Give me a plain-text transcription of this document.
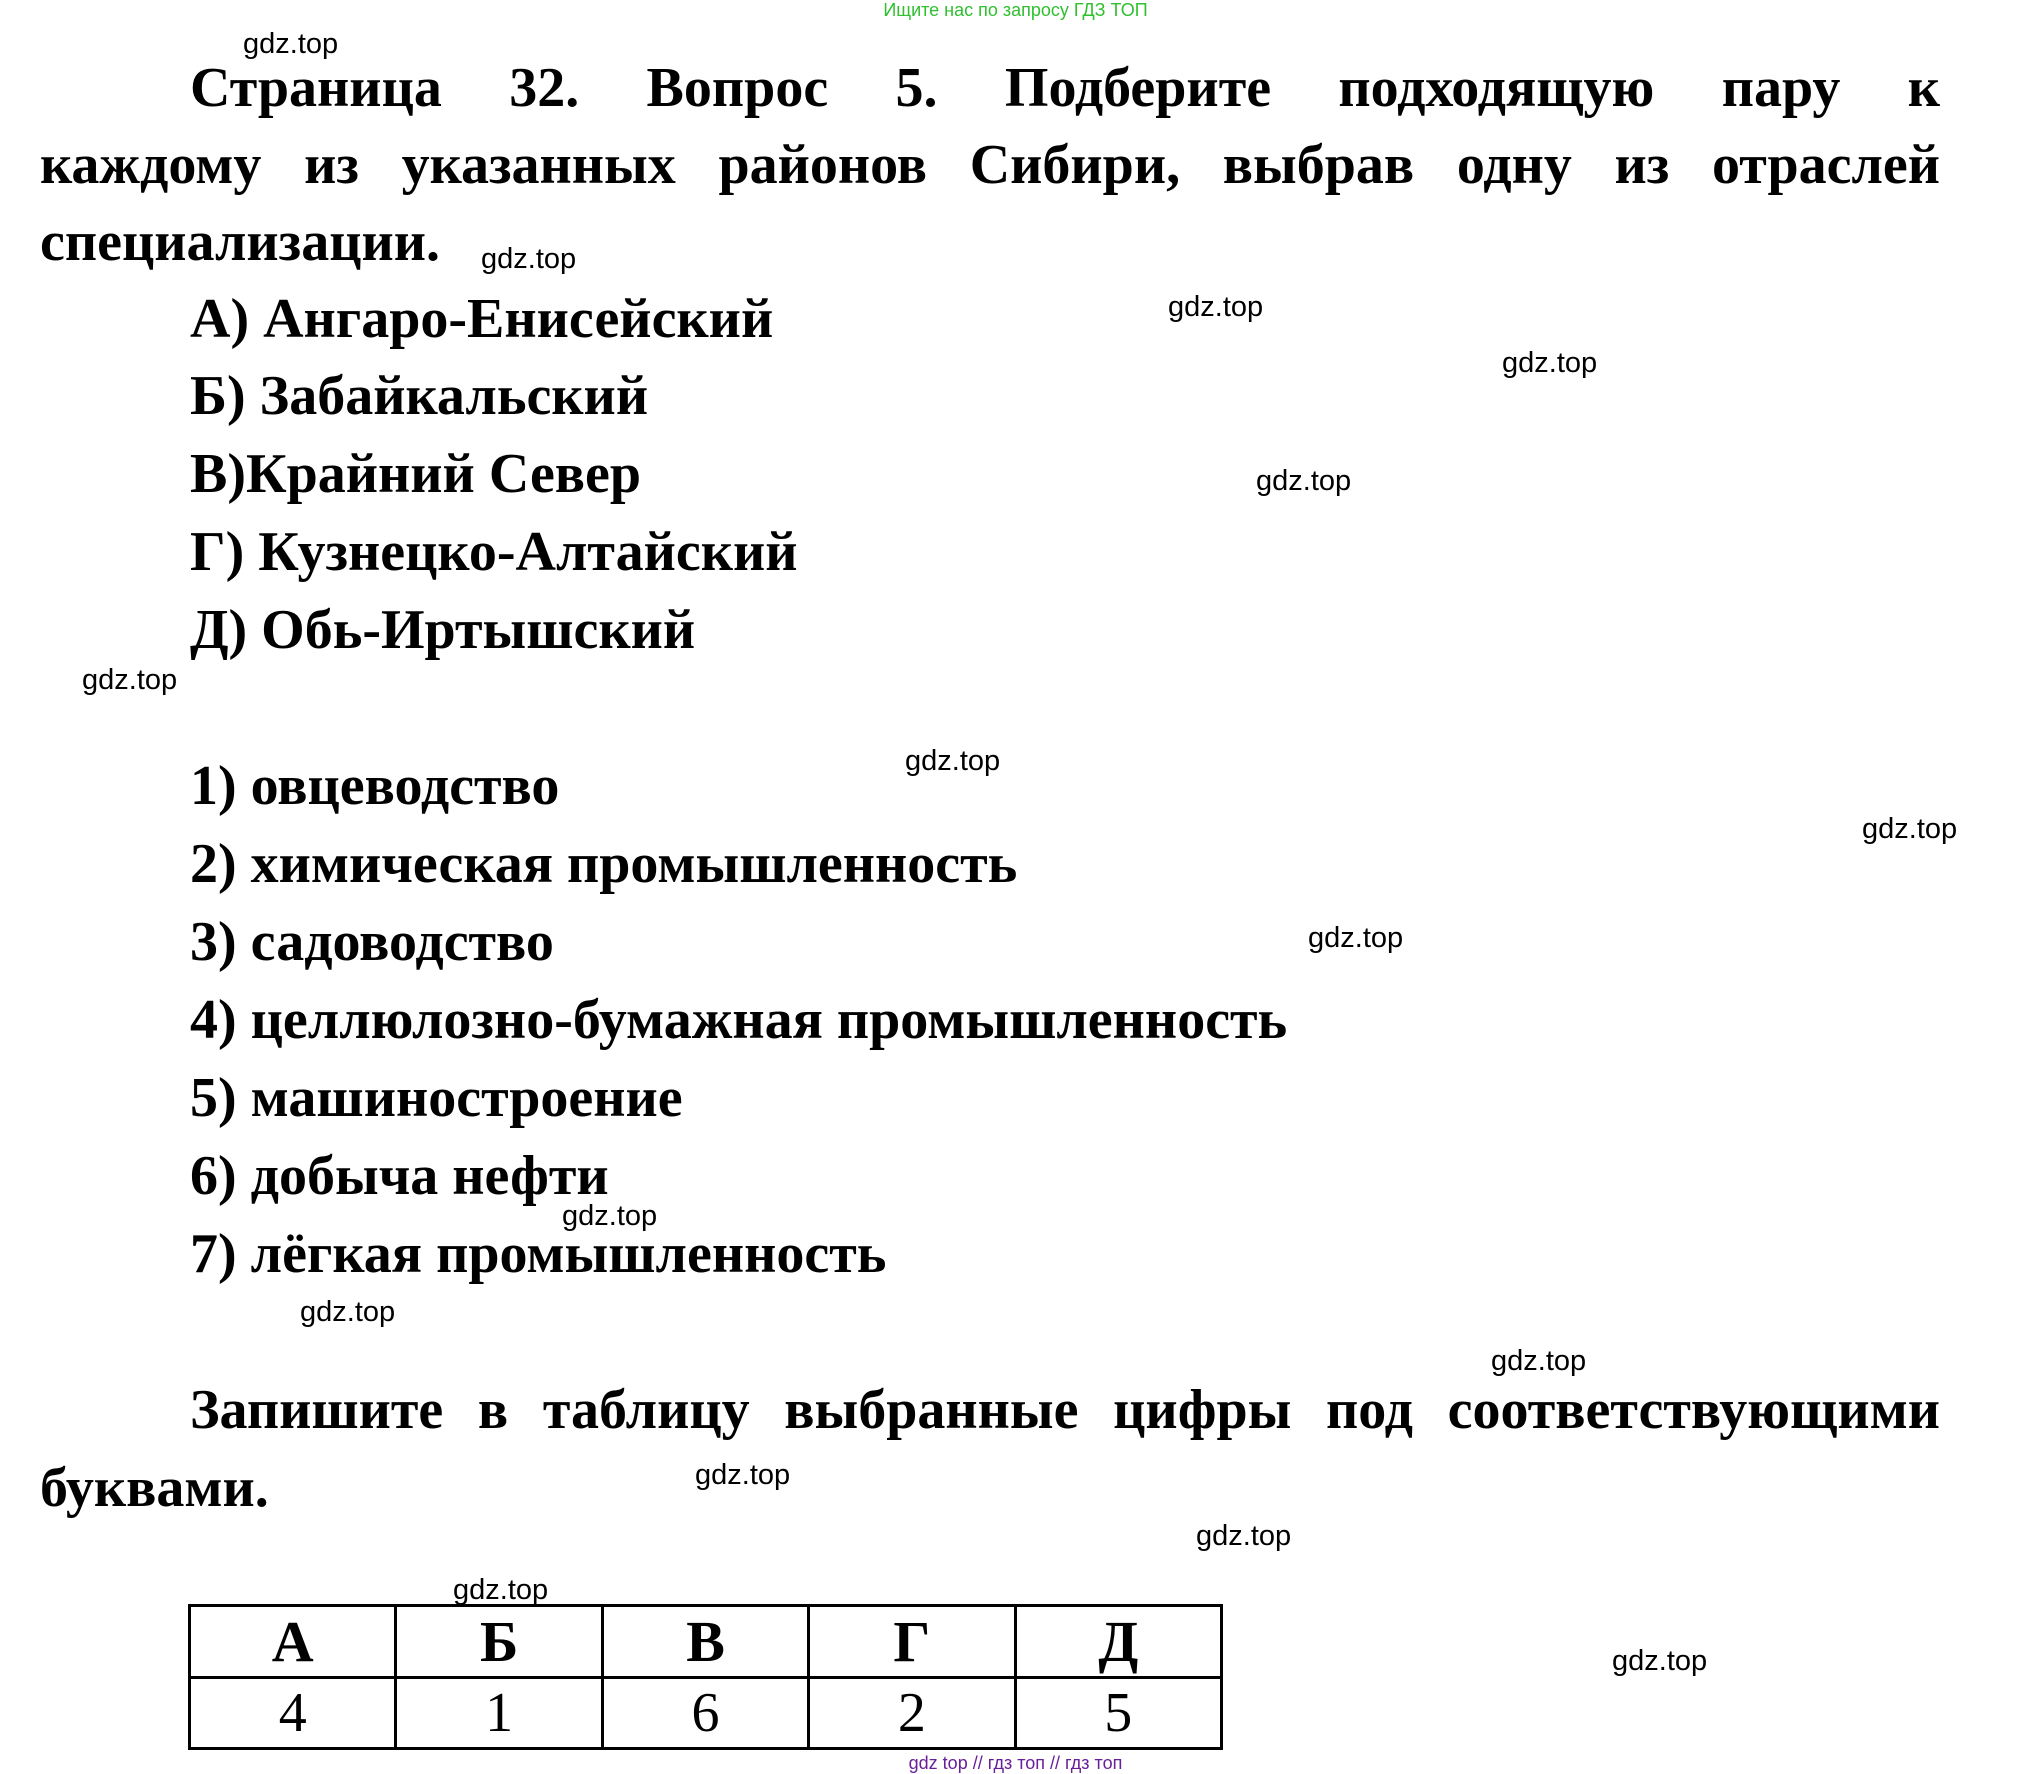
Ищите нас по запросу ГДЗ ТОП
Страница 32. Вопрос 5. Подберите подходящую пару к
каждому из указанных районов Сибири, выбрав одну из отраслей
специализации.
А) Ангаро-Енисейский
Б) Забайкальский
В)Крайний Север
Г) Кузнецко-Алтайский
Д) Обь-Иртышский
1) овцеводство
2) химическая промышленность
3) садоводство
4) целлюлозно-бумажная промышленность
5) машиностроение
6) добыча нефти
7) лёгкая промышленность
Запишите в таблицу выбранные цифры под соответствующими
буквами.
А	Б	В	Г	Д
4	1	6	2	5
gdz.top
gdz.top
gdz.top
gdz.top
gdz.top
gdz.top
gdz.top
gdz.top
gdz.top
gdz.top
gdz.top
gdz.top
gdz.top
gdz.top
gdz.top
gdz.top
gdz top // гдз топ // гдз топ
